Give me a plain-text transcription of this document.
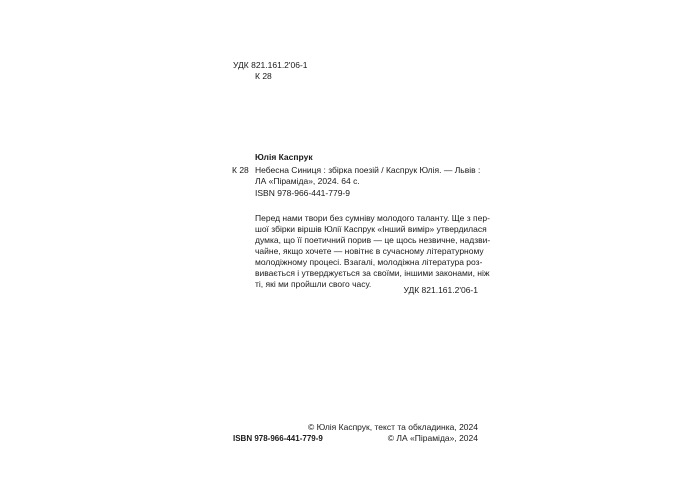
УДК 821.161.2'06-1
К 28
Юлія Каспрук
К 28 Небесна Синиця : збірка поезій / Каспрук Юлія. — Львів :
ЛА «Піраміда», 2024. 64 с.
ISBN 978-966-441-779-9
Перед нами твори без сумніву молодого таланту. Ще з пер-
шої збірки віршів Юлії Каспрук «Інший вимір» утвердилася
думка, що її поетичний порив — це щось незвичне, надзви-
чайне, якщо хочете — новітнє в сучасному літературному
молодіжному процесі. Взагалі, молодіжна література роз-
вивається і утверджується за своїми, іншими законами, ніж
ті, які ми пройшли свого часу.
УДК 821.161.2'06-1
ISBN 978-966-441-779-9
© Юлія Каспрук, текст та обкладинка, 2024
© ЛА «Піраміда», 2024
